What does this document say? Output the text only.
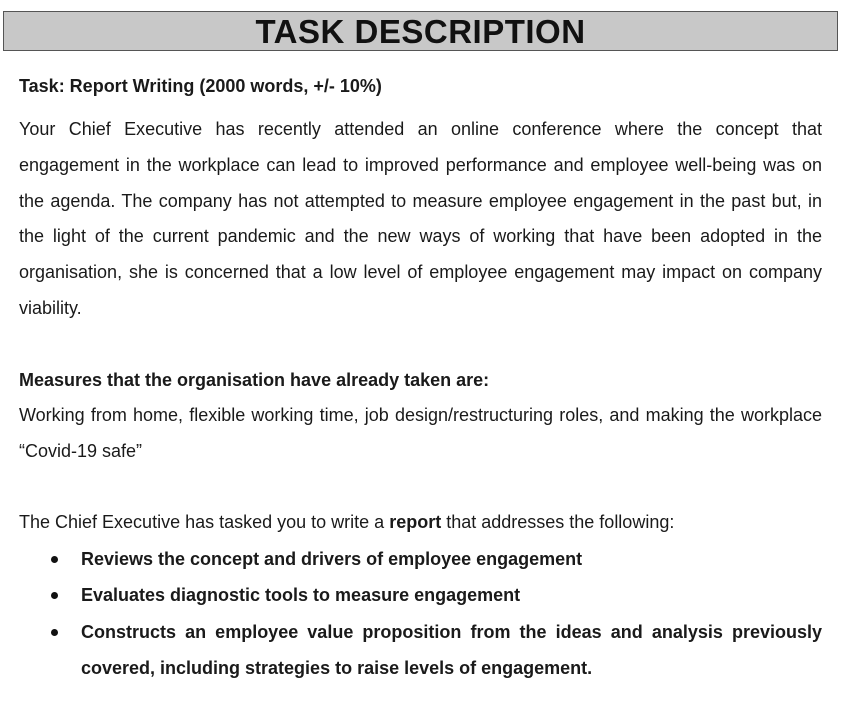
TASK DESCRIPTION

Task: Report Writing (2000 words, +/- 10%)

Your Chief Executive has recently attended an online conference where the concept that engagement in the workplace can lead to improved performance and employee well-being was on the agenda. The company has not attempted to measure employee engagement in the past but, in the light of the current pandemic and the new ways of working that have been adopted in the organisation, she is concerned that a low level of employee engagement may impact on company viability.

Measures that the organisation have already taken are:

Working from home, flexible working time, job design/restructuring roles, and making the workplace “Covid-19 safe”

The Chief Executive has tasked you to write a report that addresses the following:

Reviews the concept and drivers of employee engagement
Evaluates diagnostic tools to measure engagement
Constructs an employee value proposition from the ideas and analysis previously covered, including strategies to raise levels of engagement.
